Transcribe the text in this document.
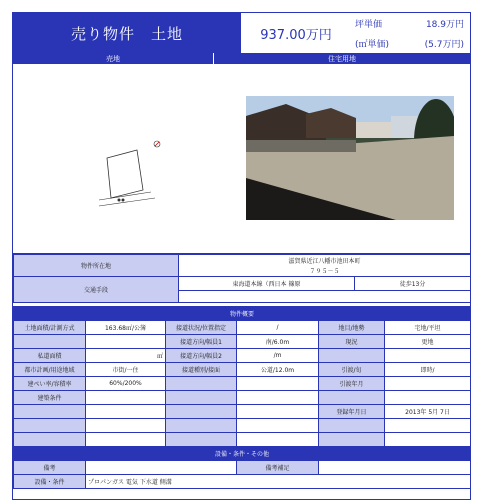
売り物件　土地	937.00万円
坪単価	18.9万円
(㎡単価)	(5.7万円)
売地	住宅用地
物件所在地	滋賀県近江八幡市池田本町	
	７９５－５	
交通手段	東海道本線（西日本 篠原	徒歩13分

物件概要					
土地面積/計測方式	163.68㎡/公簿	接道状況/位置指定	/	地目/地勢	宅地/平坦
		接道方向/幅員1	南/6.0m	現況	更地
私道面積	㎡	接道方向/幅員2	/m		
都市計画/用途地域	市街/一住	接道種別/接面	公道/12.0m	引渡/旬	即時/
建ぺい率/容積率	60%/200%			引渡年月	
建築条件					
				登録年月日	2013年 5月 7日

設備・条件・その他					
備考			備考補足		
設備・条件	プロパンガス 電気 下水道 側溝				
